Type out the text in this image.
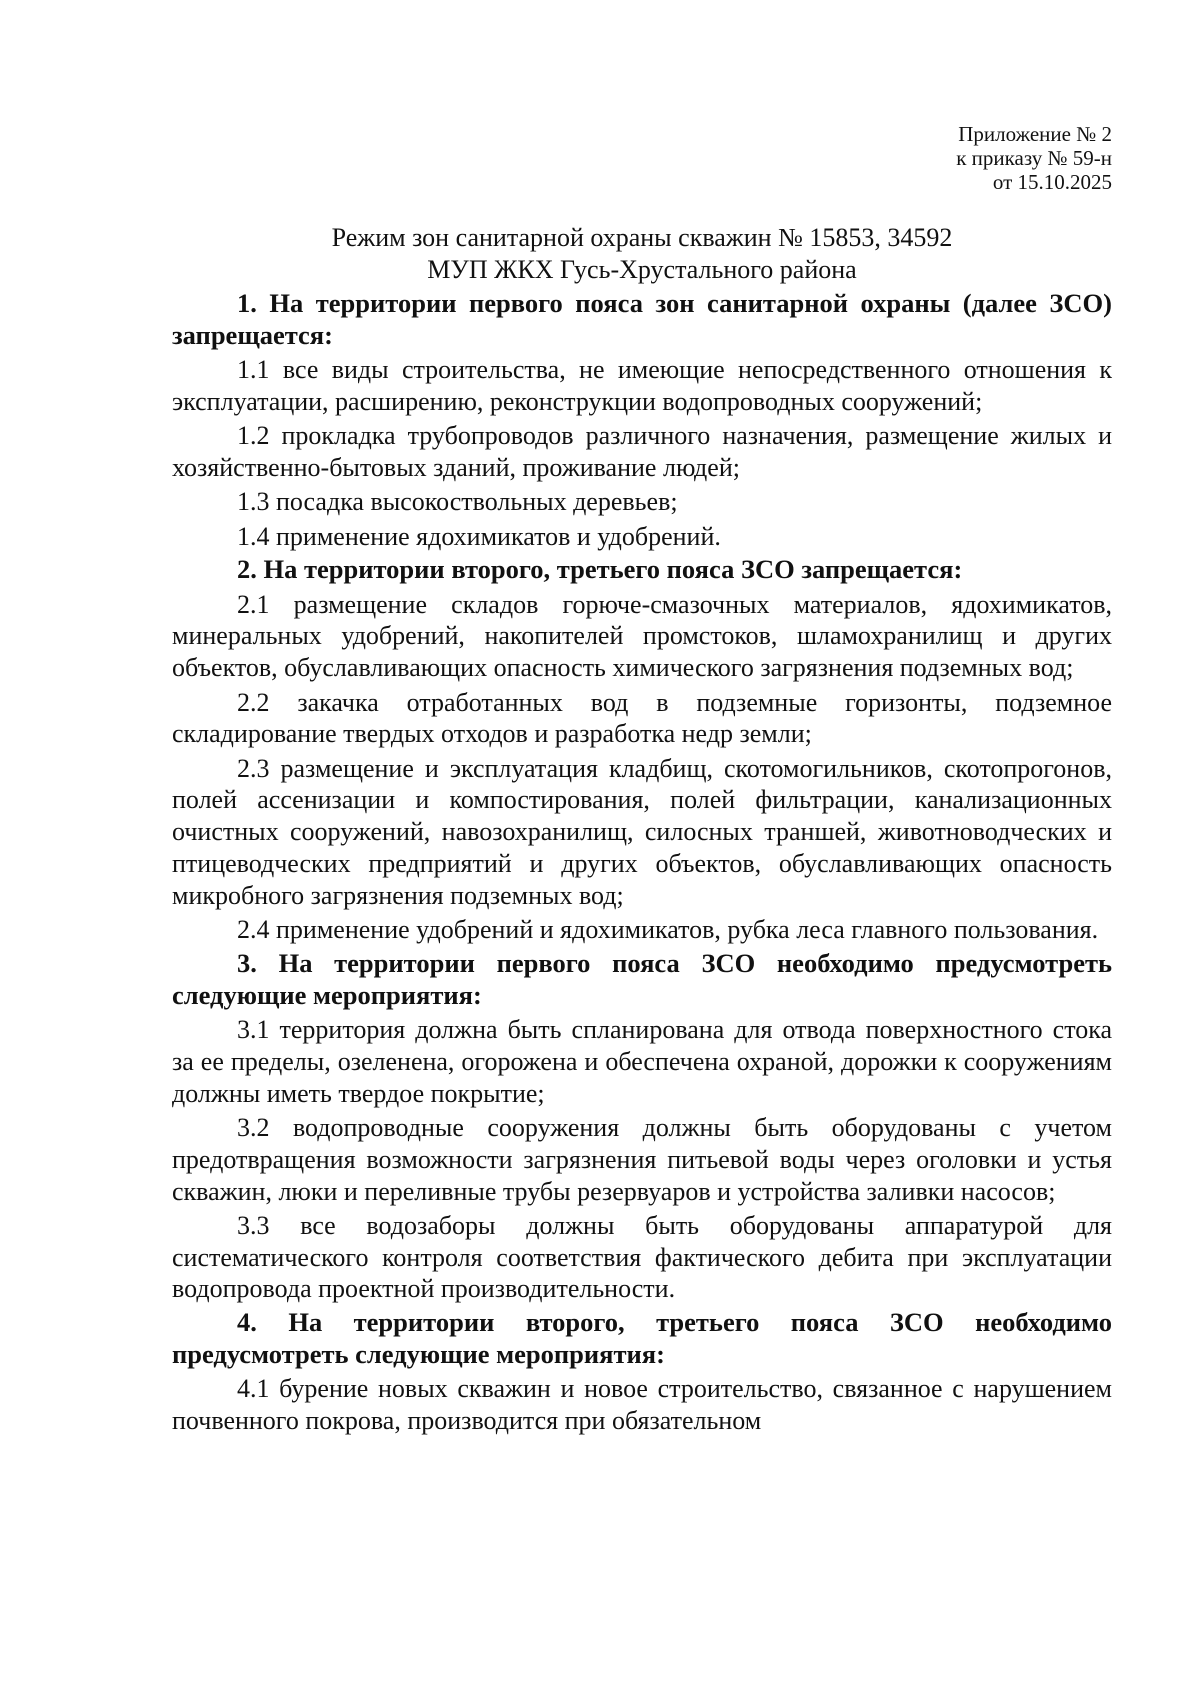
Приложение № 2
к приказу № 59-н
от 15.10.2025
Режим зон санитарной охраны скважин № 15853, 34592
МУП ЖКХ Гусь-Хрустального района

1. На территории первого пояса зон санитарной охраны (далее ЗСО) запрещается:

1.1 все виды строительства, не имеющие непосредственного отношения к эксплуатации, расширению, реконструкции водопроводных сооружений;

1.2 прокладка трубопроводов различного назначения, размещение жилых и хозяйственно-бытовых зданий, проживание людей;

1.3 посадка высокоствольных деревьев;

1.4 применение ядохимикатов и удобрений.

2. На территории второго, третьего пояса ЗСО запрещается:

2.1 размещение складов горюче-смазочных материалов, ядохимикатов, минеральных удобрений, накопителей промстоков, шламохранилищ и других объектов, обуславливающих опасность химического загрязнения подземных вод;

2.2 закачка отработанных вод в подземные горизонты, подземное складирование твердых отходов и разработка недр земли;

2.3 размещение и эксплуатация кладбищ, скотомогильников, скотопрогонов, полей ассенизации и компостирования, полей фильтрации, канализационных очистных сооружений, навозохранилищ, силосных траншей, животноводческих и птицеводческих предприятий и других объектов, обуславливающих опасность микробного загрязнения подземных вод;

2.4 применение удобрений и ядохимикатов, рубка леса главного пользования.

3. На территории первого пояса ЗСО необходимо предусмотреть следующие мероприятия:

3.1 территория должна быть спланирована для отвода поверхностного стока за ее пределы, озеленена, огорожена и обеспечена охраной, дорожки к сооружениям должны иметь твердое покрытие;

3.2 водопроводные сооружения должны быть оборудованы с учетом предотвращения возможности загрязнения питьевой воды через оголовки и устья скважин, люки и переливные трубы резервуаров и устройства заливки насосов;

3.3 все водозаборы должны быть оборудованы аппаратурой для систематического контроля соответствия фактического дебита при эксплуатации водопровода проектной производительности.

4. На территории второго, третьего пояса ЗСО необходимо предусмотреть следующие мероприятия:

4.1 бурение новых скважин и новое строительство, связанное с нарушением почвенного покрова, производится при обязательном
